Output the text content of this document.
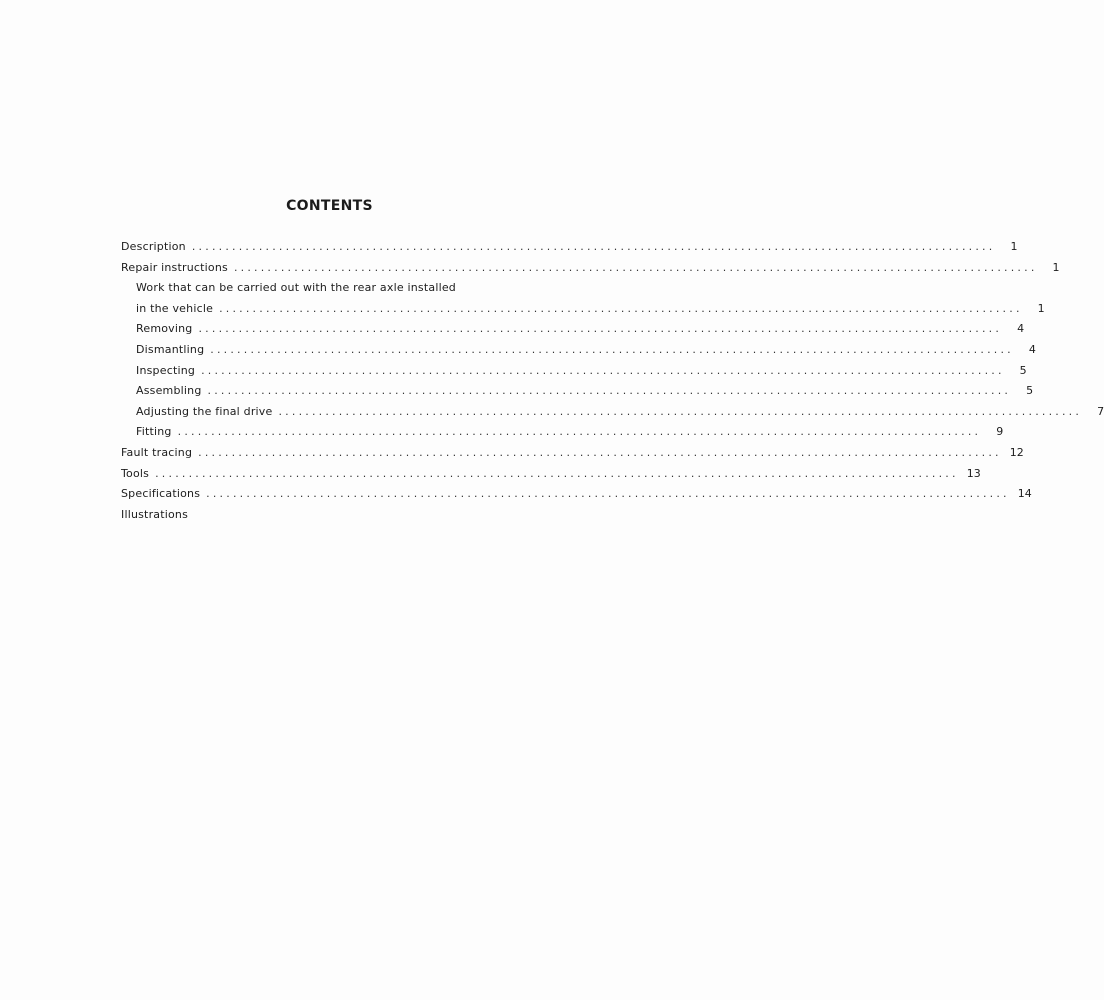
CONTENTS
Description ........................................................................................................................	1
Repair instructions ........................................................................................................................	1
Work that can be carried out with the rear axle installed
in the vehicle ........................................................................................................................	1
Removing ........................................................................................................................	4
Dismantling ........................................................................................................................	4
Inspecting ........................................................................................................................	5
Assembling ........................................................................................................................	5
Adjusting the final drive ........................................................................................................................	7
Fitting ........................................................................................................................	9
Fault tracing ........................................................................................................................ 12
Tools ........................................................................................................................ 13
Specifications ........................................................................................................................ 14
Illustrations
